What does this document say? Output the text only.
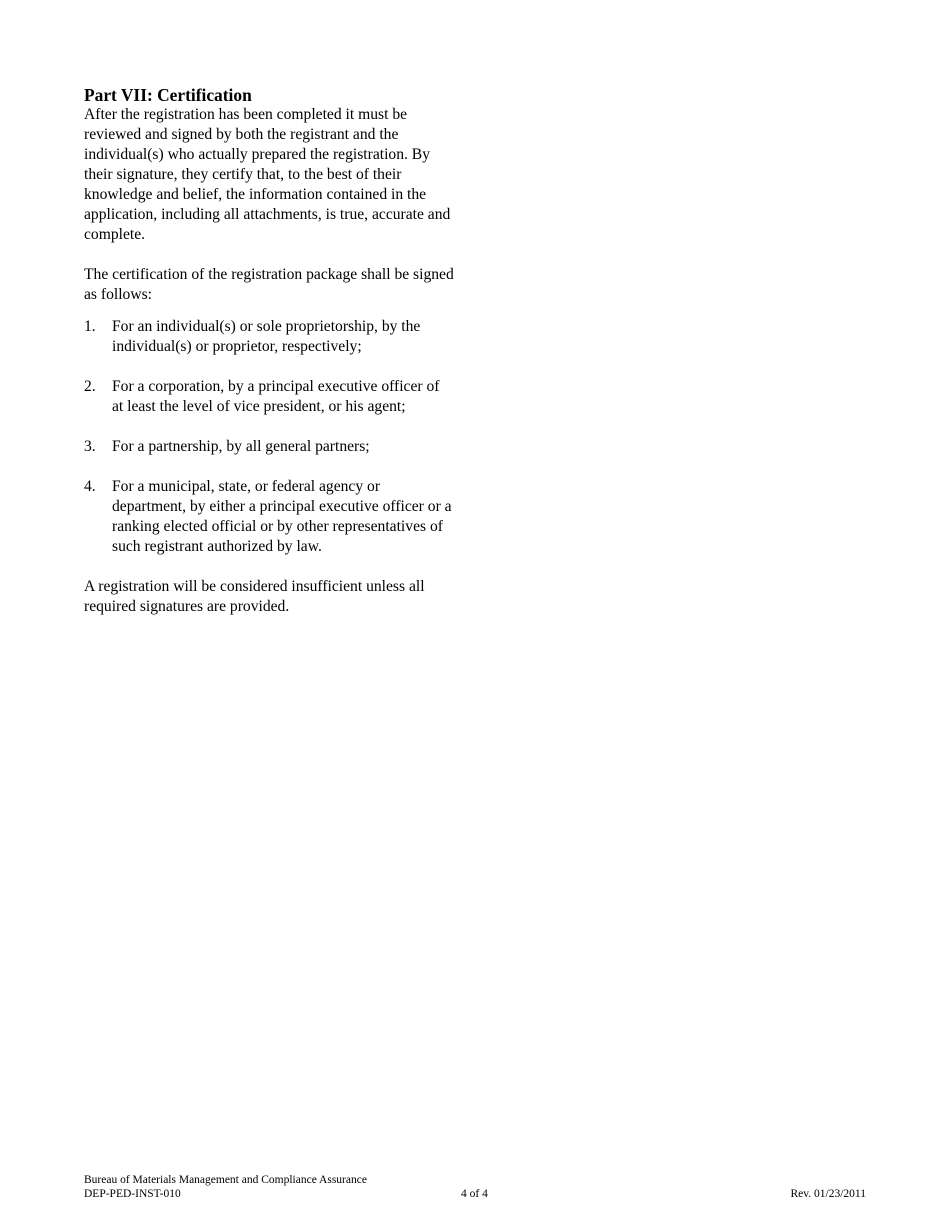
Part VII: Certification

After the registration has been completed it must be reviewed and signed by both the registrant and the individual(s) who actually prepared the registration. By their signature, they certify that, to the best of their knowledge and belief, the information contained in the application, including all attachments, is true, accurate and complete.

The certification of the registration package shall be signed as follows:

1.	For an individual(s) or sole proprietorship, by the individual(s) or proprietor, respectively;
2.	For a corporation, by a principal executive officer of at least the level of vice president, or his agent;
3.	For a partnership, by all general partners;
4.	For a municipal, state, or federal agency or department, by either a principal executive officer or a ranking elected official or by other representatives of such registrant authorized by law.

A registration will be considered insufficient unless all required signatures are provided.

Bureau of Materials Management and Compliance Assurance
DEP-PED-INST-010	4 of 4	Rev. 01/23/2011
